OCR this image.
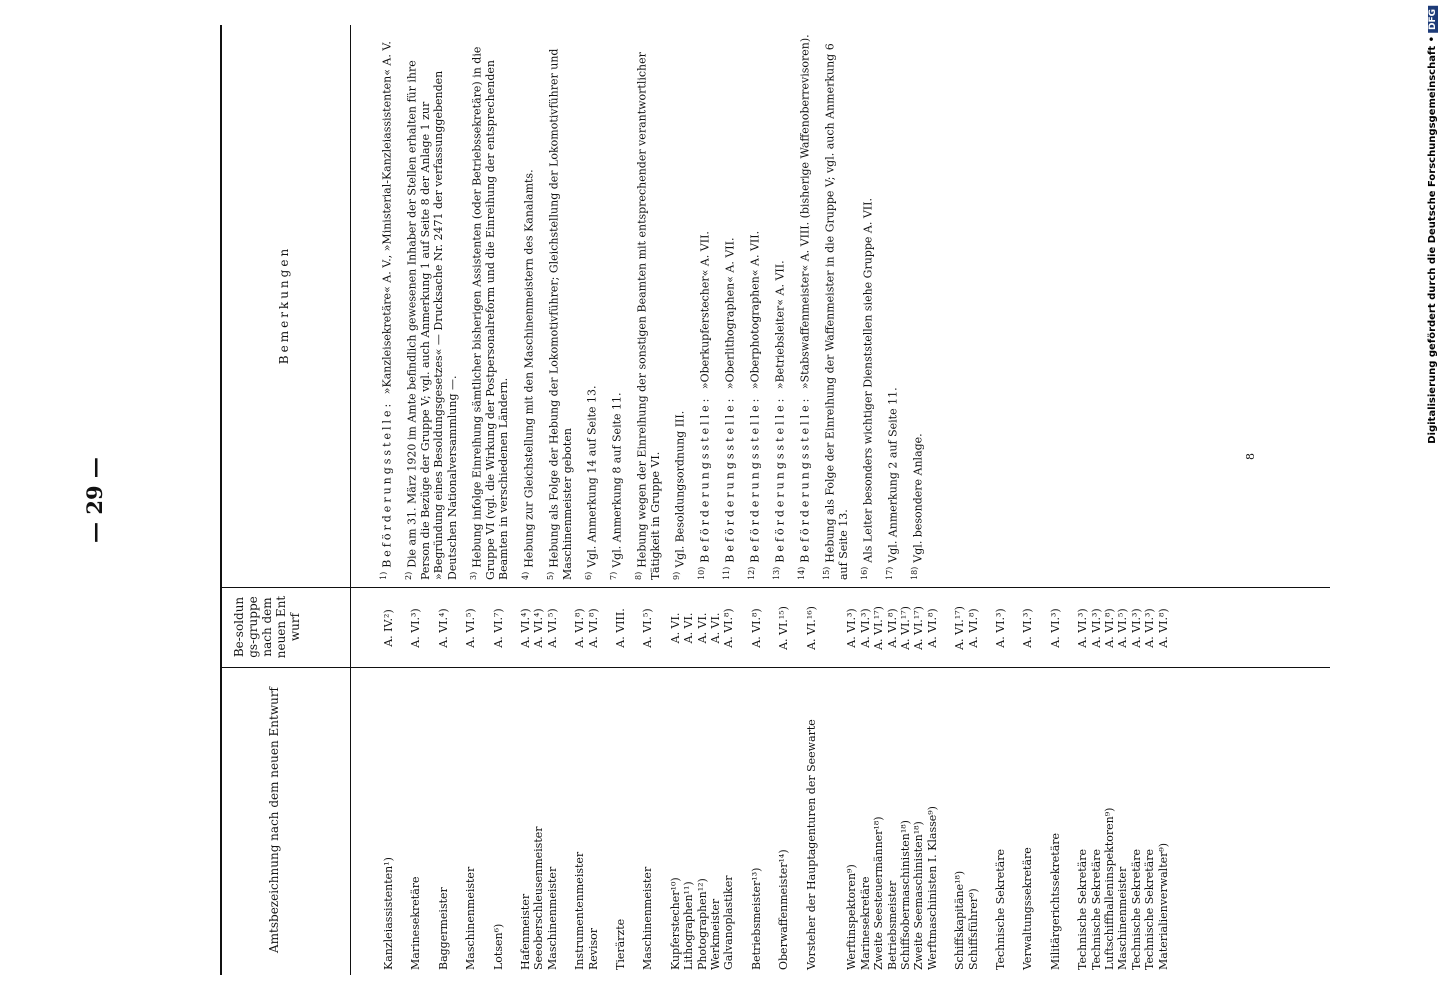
— 29 —
Amtsbezeichnung nach dem neuen Entwurf
Be-soldungs-gruppe nach dem neuen Entwurf
Bemerkungen
8
Kanzleiassistenten¹)
A. IV.²)
Marinesekretäre
A. VI.³)
Baggermeister
A. VI.⁴)
Maschinenmeister
A. VI.⁵)
Lotsen⁶)
A. VI.⁷)
Hafenmeister Seeoberschleusenmeister Maschinenmeister
A. VI.⁴) A. VI.⁴) A. VI.⁵)
Instrumentenmeister Revisor
A. VI.⁸) A. VI.⁸)
Tierärzte
A. VIII.
Maschinenmeister
A. VI.⁵)
Kupferstecher¹⁰) Lithographen¹¹) Photographen¹²) Werkmeister Galvanoplastiker
A. VI. A. VI. A. VI. A. VI. A. VI.⁸)
Betriebsmeister¹³)
A. VI.⁸)
Oberwaffenmeister¹⁴)
A. VI.¹⁵)
Vorsteher der Hauptagenturen der Seewarte
A. VI.¹⁶)
Werftinspektoren⁹) Marinesekretäre Zweite Seesteuermänner¹⁸) Betriebsmeister Schiffsobermaschinisten¹⁸) Zweite Seemaschinisten¹⁸) Werftmaschinisten I. Klasse⁹)
A. VI.³) A. VI.³) A. VI.¹⁷) A. VI.⁸) A. VI.¹⁷) A. VI.¹⁷) A. VI.⁸)
Schiffskapitäne¹⁸) Schiffsführer⁹)
A. VI.¹⁷) A. VI.⁸)
Technische Sekretäre
A. VI.³)
Verwaltungssekretäre
A. VI.³)
Militärgerichtssekretäre
A. VI.³)
Technische Sekretäre Technische Sekretäre Luftschiffhalleninspektoren⁹) Maschinenmeister Technische Sekretäre Technische Sekretäre Materialienverwalter⁹)
A. VI.³) A. VI.³) A. VI.⁸) A. VI.⁵) A. VI.³) A. VI.³) A. VI.⁸)
$^{1)}$Beförderungsstelle: »Kanzleisekretäre« A. V., »Ministerial-Kanzleiassistenten« A. V.
$^{2)}$Die am 31. März 1920 im Amte befindlich gewesenen Inhaber der Stellen erhalten für ihre Person die Bezüge der Gruppe V; vgl. auch Anmerkung 1 auf Seite 8 der Anlage 1 zur »Begründung eines Besoldungsgesetzes« — Drucksache Nr. 2471 der verfassunggebenden Deutschen Nationalversammlung —. $^{3)}$Hebung infolge Einreihung sämtlicher bisherigen Assistenten (oder Betriebssekretäre) in die Gruppe VI (vgl. die Wirkung der Postpersonalreform und die Einreihung der entsprechenden Beamten in verschiedenen Ländern. $^{4)}$Hebung zur Gleichstellung mit den Maschinenmeistern des Kanalamts.
$^{5)}$Hebung als Folge der Hebung der Lokomotivführer; Gleichstellung der Lokomotivführer und Maschinenmeister geboten $^{6)}$Vgl. Anmerkung 14 auf Seite 13.
$^{7)}$Vgl. Anmerkung 8 auf Seite 11.
$^{8)}$Hebung wegen der Einreihung der sonstigen Beamten mit entsprechender verantwortlicher Tätigkeit in Gruppe VI. $^{9)}$Vgl. Besoldungsordnung III.
$^{10)}$Beförderungsstelle: »Oberkupferstecher« A. VII.
$^{11)}$Beförderungsstelle: »Oberlithographen« A. VII.
$^{12)}$Beförderungsstelle: »Oberphotographen« A. VII.
$^{13)}$Beförderungsstelle: »Betriebsleiter« A. VII.
$^{14)}$Beförderungsstelle: »Stabswaffenmeister« A. VIII. (bisherige Waffenoberrevisoren).
$^{15)}$Hebung als Folge der Einreihung der Waffenmeister in die Gruppe V; vgl. auch Anmerkung 6 auf Seite 13. $^{16)}$Als Leiter besonders wichtiger Dienststellen siehe Gruppe A. VII.
$^{17)}$Vgl. Anmerkung 2 auf Seite 11.
$^{18)}$Vgl. besondere Anlage.
Digitalisierung gefördert durch die Deutsche Forschungsgemeinschaft •DFG
